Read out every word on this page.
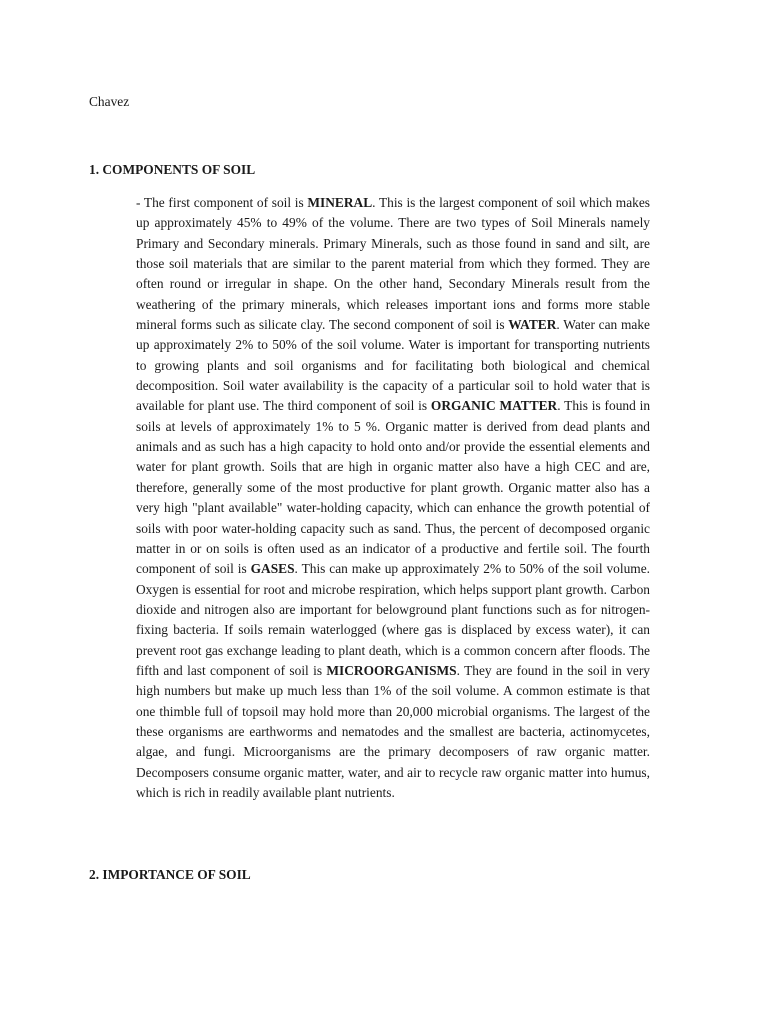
Chavez
1. COMPONENTS OF SOIL
- The first component of soil is MINERAL. This is the largest component of soil which makes up approximately 45% to 49% of the volume. There are two types of Soil Minerals namely Primary and Secondary minerals. Primary Minerals, such as those found in sand and silt, are those soil materials that are similar to the parent material from which they formed. They are often round or irregular in shape. On the other hand, Secondary Minerals result from the weathering of the primary minerals, which releases important ions and forms more stable mineral forms such as silicate clay. The second component of soil is WATER. Water can make up approximately 2% to 50% of the soil volume. Water is important for transporting nutrients to growing plants and soil organisms and for facilitating both biological and chemical decomposition. Soil water availability is the capacity of a particular soil to hold water that is available for plant use. The third component of soil is ORGANIC MATTER. This is found in soils at levels of approximately 1% to 5 %. Organic matter is derived from dead plants and animals and as such has a high capacity to hold onto and/or provide the essential elements and water for plant growth. Soils that are high in organic matter also have a high CEC and are, therefore, generally some of the most productive for plant growth. Organic matter also has a very high "plant available" water-holding capacity, which can enhance the growth potential of soils with poor water-holding capacity such as sand. Thus, the percent of decomposed organic matter in or on soils is often used as an indicator of a productive and fertile soil. The fourth component of soil is GASES. This can make up approximately 2% to 50% of the soil volume. Oxygen is essential for root and microbe respiration, which helps support plant growth. Carbon dioxide and nitrogen also are important for belowground plant functions such as for nitrogen-fixing bacteria. If soils remain waterlogged (where gas is displaced by excess water), it can prevent root gas exchange leading to plant death, which is a common concern after floods. The fifth and last component of soil is MICROORGANISMS. They are found in the soil in very high numbers but make up much less than 1% of the soil volume. A common estimate is that one thimble full of topsoil may hold more than 20,000 microbial organisms. The largest of the these organisms are earthworms and nematodes and the smallest are bacteria, actinomycetes, algae, and fungi. Microorganisms are the primary decomposers of raw organic matter. Decomposers consume organic matter, water, and air to recycle raw organic matter into humus, which is rich in readily available plant nutrients.
2. IMPORTANCE OF SOIL
